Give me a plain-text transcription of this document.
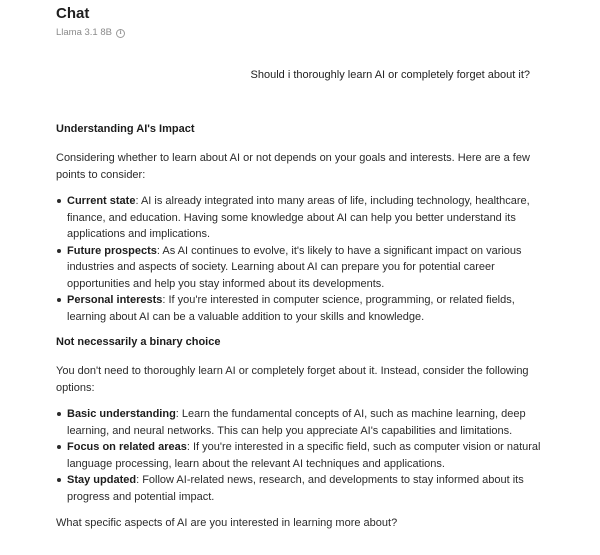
Chat
Llama 3.1 8B	i
Should i thoroughly learn AI or completely forget about it?
Understanding AI's Impact

Considering whether to learn about AI or not depends on your goals and interests. Here are a few points to consider:

Current state: AI is already integrated into many areas of life, including technology, healthcare, finance, and education. Having some knowledge about AI can help you better understand its applications and implications.
Future prospects: As AI continues to evolve, it's likely to have a significant impact on various industries and aspects of society. Learning about AI can prepare you for potential career opportunities and help you stay informed about its developments.
Personal interests: If you're interested in computer science, programming, or related fields, learning about AI can be a valuable addition to your skills and knowledge.
Not necessarily a binary choice

You don't need to thoroughly learn AI or completely forget about it. Instead, consider the following options:

Basic understanding: Learn the fundamental concepts of AI, such as machine learning, deep learning, and neural networks. This can help you appreciate AI's capabilities and limitations.
Focus on related areas: If you're interested in a specific field, such as computer vision or natural language processing, learn about the relevant AI techniques and applications.
Stay updated: Follow AI-related news, research, and developments to stay informed about its progress and potential impact.

What specific aspects of AI are you interested in learning more about?
